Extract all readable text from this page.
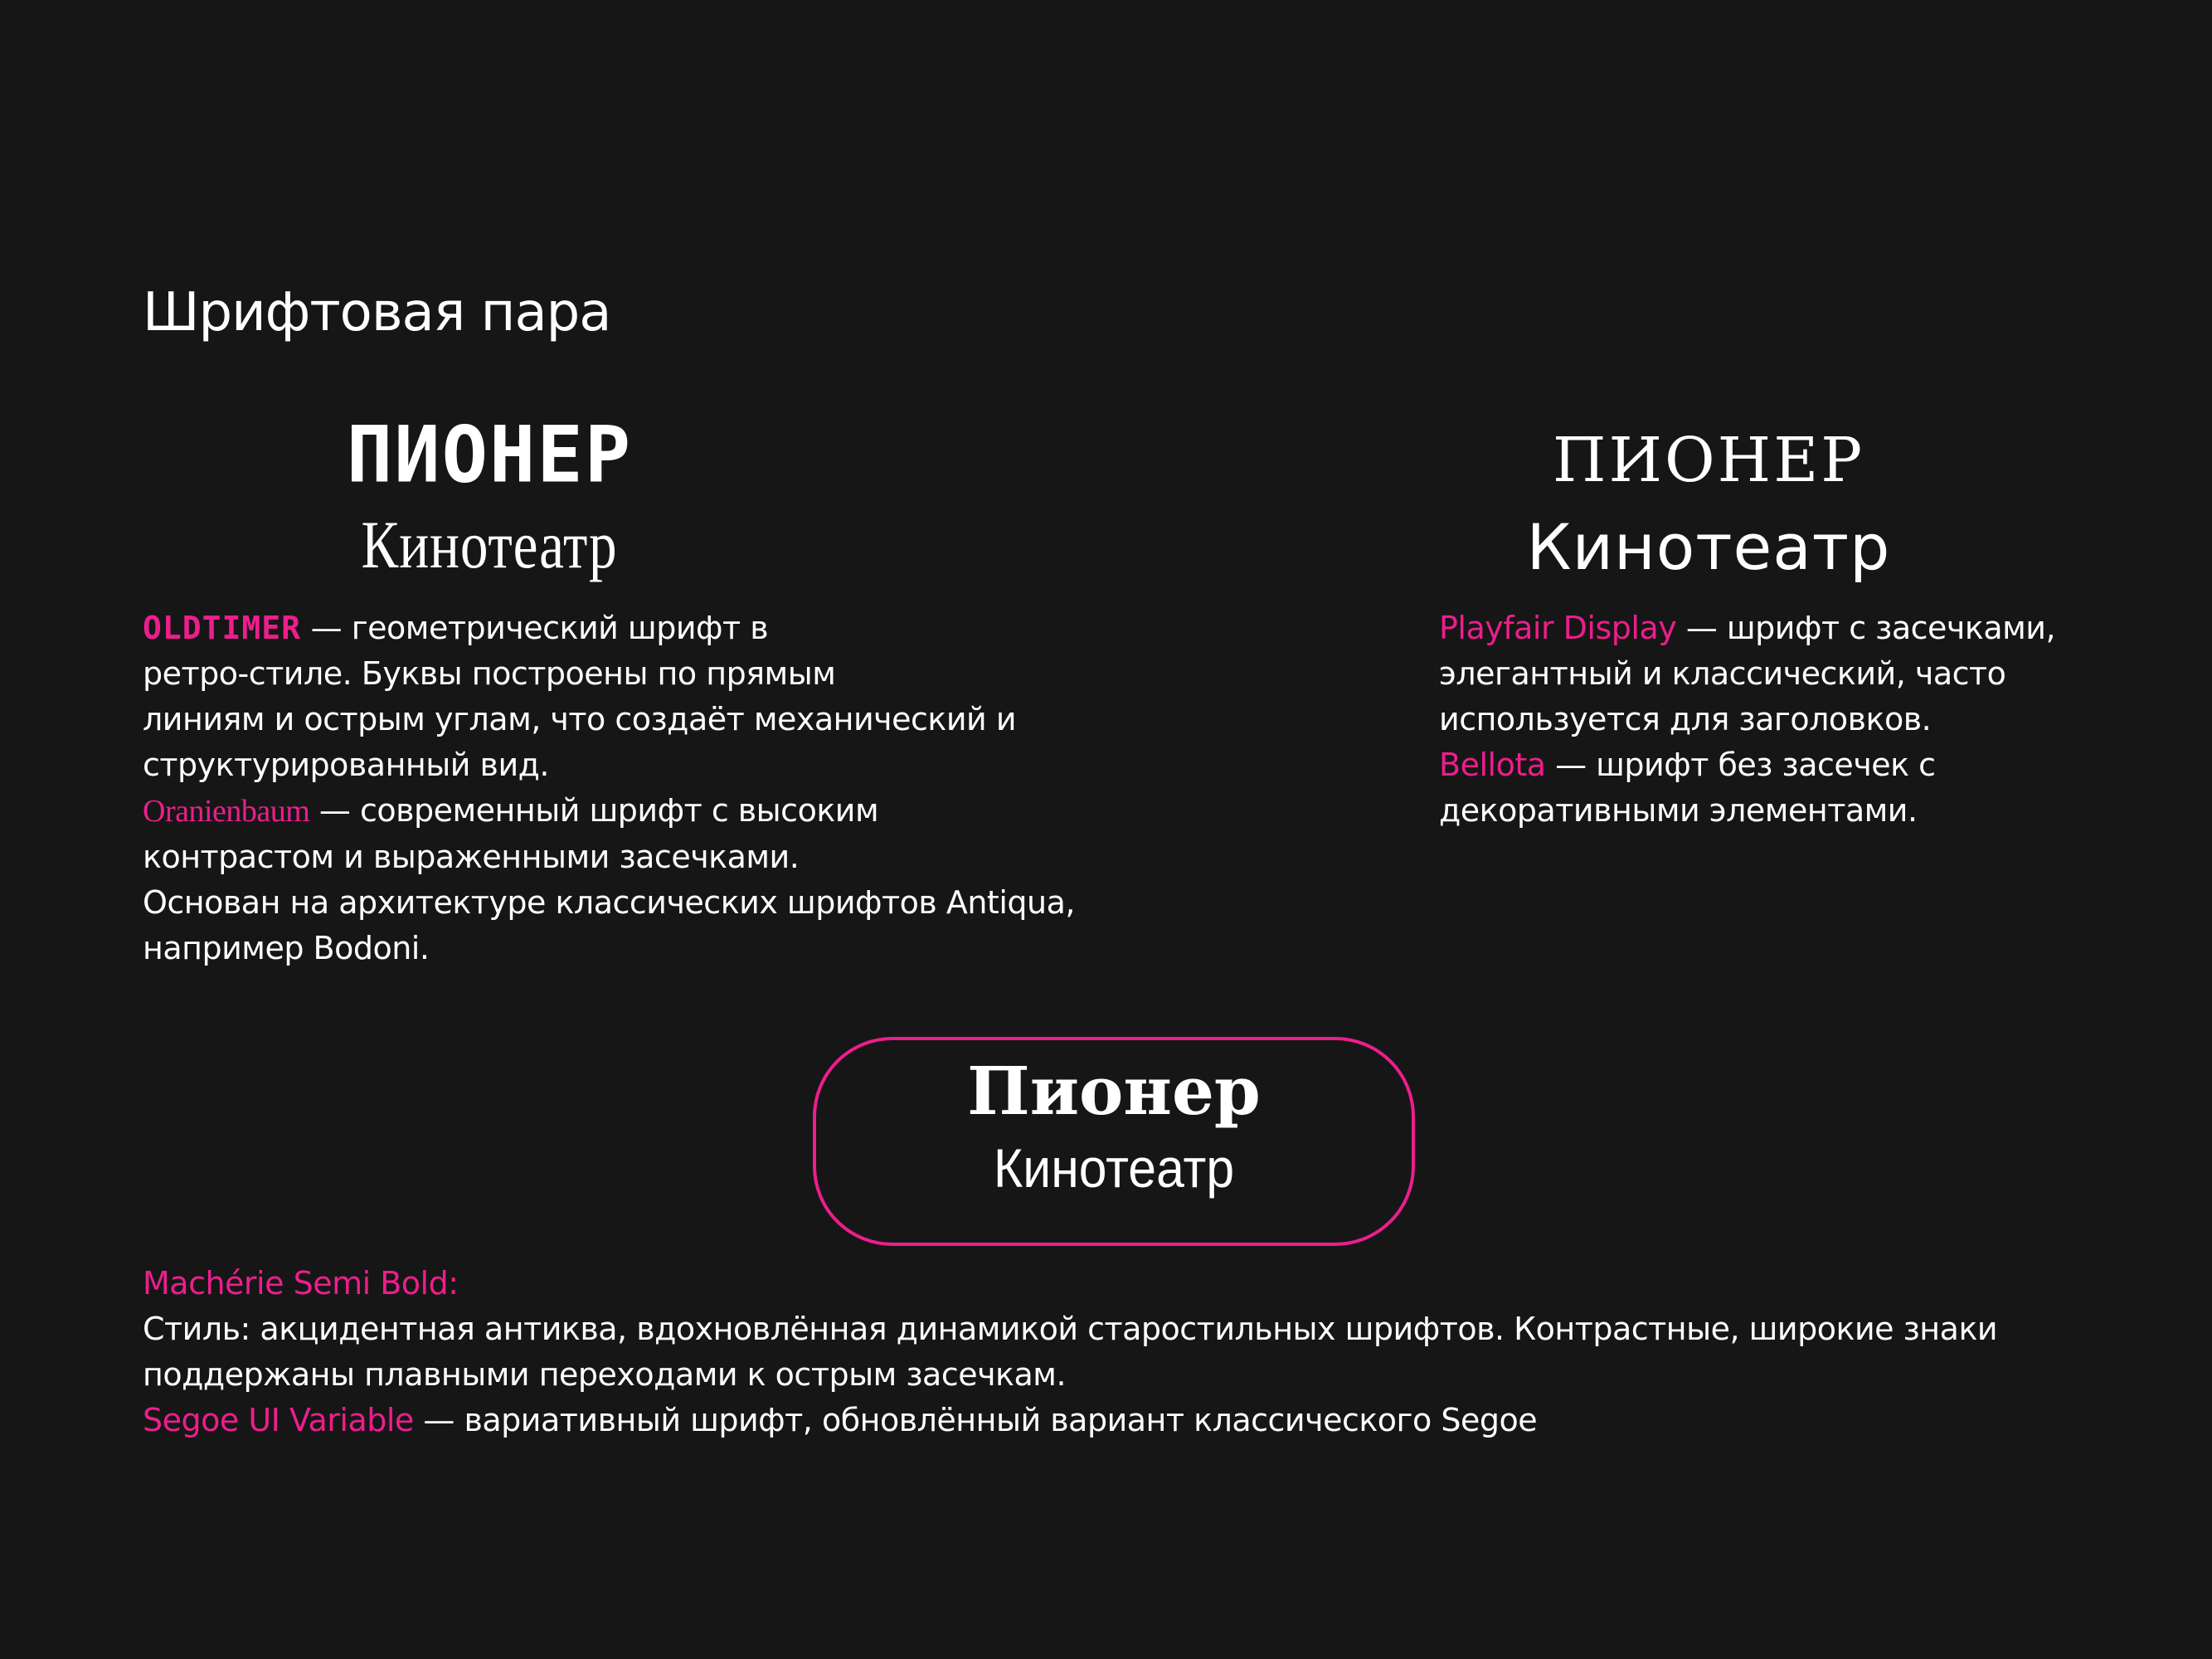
Шрифтовая пара
ПИОНЕР
Кинотеатр
OLDTIMER — геометрический шрифт в
ретро-стиле. Буквы построены по прямым
линиям и острым углам, что создаёт механический и
структурированный вид.
Oranienbaum — современный шрифт с высоким
контрастом и выраженными засечками.
Основан на архитектуре классических шрифтов Antiqua,
например Bodoni.
ПИОНЕР
Кинотеатр
Playfair Display — шрифт с засечками,
элегантный и классический, часто
используется для заголовков.
Bellota — шрифт без засечек с
декоративными элементами.
Пионер
Кинотеатр
Machérie Semi Bold:
Стиль: акцидентная антиква, вдохновлённая динамикой старостильных шрифтов. Контрастные, широкие знаки
поддержаны плавными переходами к острым засечкам.
Segoe UI Variable — вариативный шрифт, обновлённый вариант классического Segoe
